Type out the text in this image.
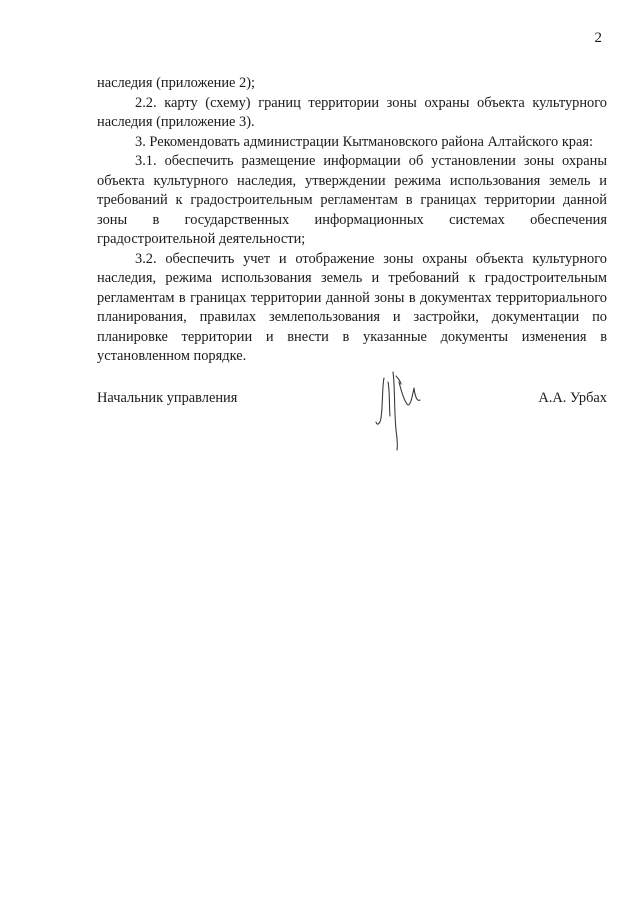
2

наследия (приложение 2);

2.2. карту (схему) границ территории зоны охраны объекта культурного наследия (приложение 3).

3. Рекомендовать администрации Кытмановского района Алтайского края:

3.1. обеспечить размещение информации об установлении зоны охраны объекта культурного наследия, утверждении режима использования земель и требований к градостроительным регламентам в границах территории данной зоны в государственных информационных системах обеспечения градостроительной деятельности;

3.2. обеспечить учет и отображение зоны охраны объекта культурного наследия, режима использования земель и требований к градостроительным регламентам в границах территории данной зоны в документах территориального планирования, правилах землепользования и застройки, документации по планировке территории и внести в указанные документы изменения в установленном порядке.

Начальник управления	А.А. Урбах
